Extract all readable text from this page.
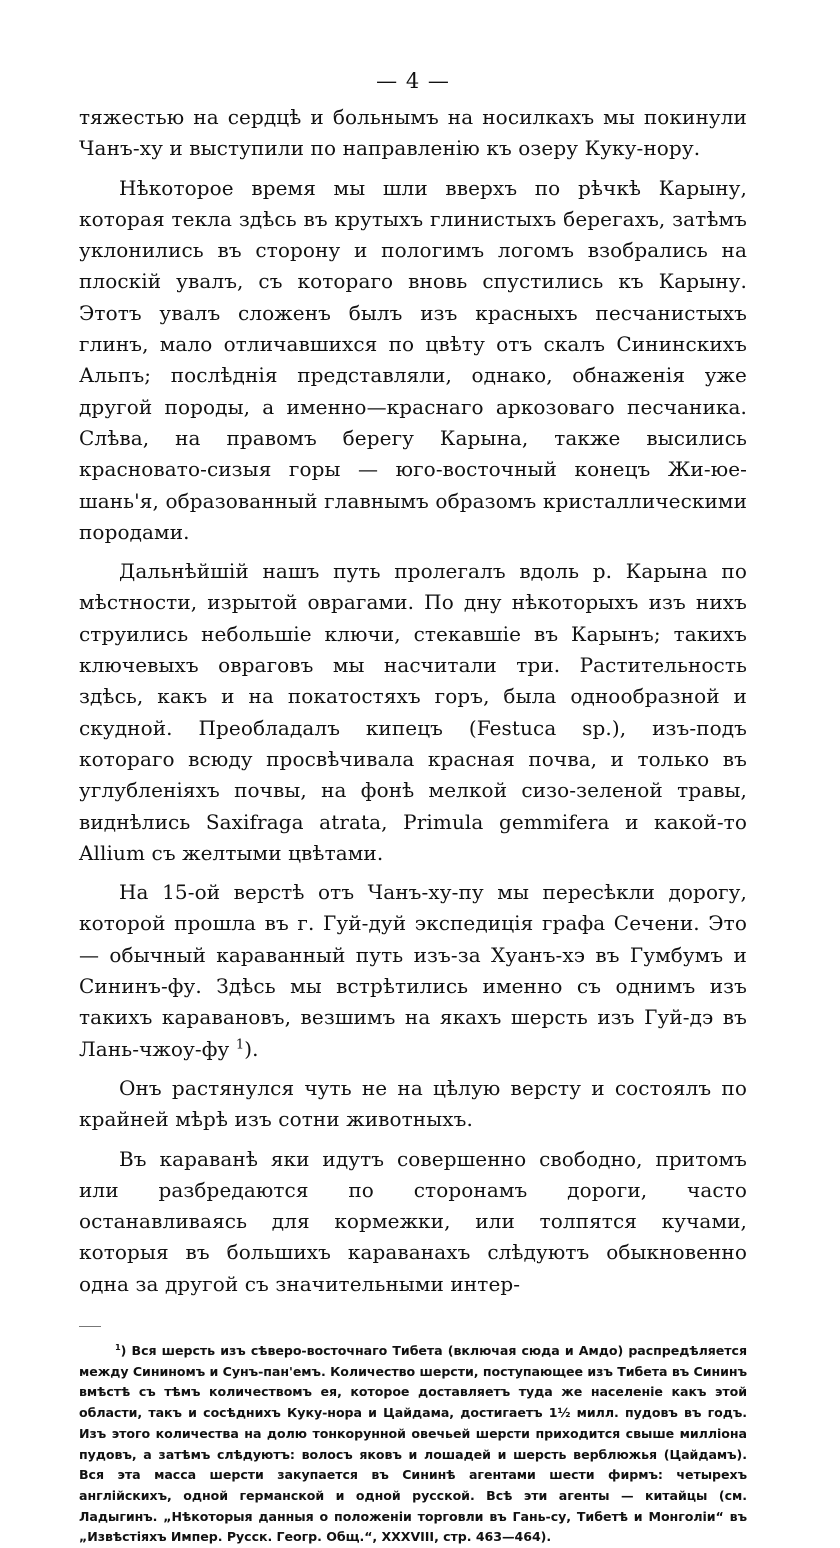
— 4 —

тяжестью на сердцѣ и больнымъ на носилкахъ мы покинули Чанъ-ху и выступили по направленію къ озеру Куку-нору.

Нѣкоторое время мы шли вверхъ по рѣчкѣ Карыну, которая текла здѣсь въ крутыхъ глинистыхъ берегахъ, затѣмъ уклонились въ сторону и пологимъ логомъ взобрались на плоскій увалъ, съ котораго вновь спустились къ Карыну. Этотъ увалъ сложенъ былъ изъ красныхъ песчанистыхъ глинъ, мало отличавшихся по цвѣту отъ скалъ Сининскихъ Альпъ; послѣднія представляли, однако, обнаженія уже другой породы, а именно—краснаго аркозоваго песчаника. Слѣва, на правомъ берегу Карына, также высились красновато-сизыя горы — юго-восточный конецъ Жи-юе-шань'я, образованный главнымъ образомъ кристаллическими породами.

Дальнѣйшій нашъ путь пролегалъ вдоль р. Карына по мѣстности, изрытой оврагами. По дну нѣкоторыхъ изъ нихъ струились небольшіе ключи, стекавшіе въ Карынъ; такихъ ключевыхъ овраговъ мы насчитали три. Растительность здѣсь, какъ и на покатостяхъ горъ, была однообразной и скудной. Преобладалъ кипецъ (Festuca sp.), изъ-подъ котораго всюду просвѣчивала красная почва, и только въ углубленіяхъ почвы, на фонѣ мелкой сизо-зеленой травы, виднѣлись Saxifraga atrata, Primula gemmifera и какой-то Allium съ желтыми цвѣтами.

На 15-ой верстѣ отъ Чанъ-ху-пу мы пересѣкли дорогу, которой прошла въ г. Гуй-дуй экспедиція графа Сечени. Это — обычный караванный путь изъ-за Хуанъ-хэ въ Гумбумъ и Сининъ-фу. Здѣсь мы встрѣтились именно съ однимъ изъ такихъ каравановъ, везшимъ на якахъ шерсть изъ Гуй-дэ въ Лань-чжоу-фу $^1$).

Онъ растянулся чуть не на цѣлую версту и состоялъ по крайней мѣрѣ изъ сотни животныхъ.

Въ караванѣ яки идутъ совершенно свободно, притомъ или разбредаются по сторонамъ дороги, часто останавливаясь для кормежки, или толпятся кучами, которыя въ большихъ караванахъ слѣдуютъ обыкновенно одна за другой съ значительными интер-

$^1$) Вся шерсть изъ сѣверо-восточнаго Тибета (включая сюда и Амдо) распредѣляется между Сининомъ и Сунъ-пан'емъ. Количество шерсти, поступающее изъ Тибета въ Сининъ вмѣстѣ съ тѣмъ количествомъ ея, которое доставляетъ туда же населеніе какъ этой области, такъ и сосѣднихъ Куку-нора и Цайдама, достигаетъ 1½ милл. пудовъ въ годъ. Изъ этого количества на долю тонкорунной овечьей шерсти приходится свыше милліона пудовъ, а затѣмъ слѣдуютъ: волосъ яковъ и лошадей и шерсть верблюжья (Цайдамъ). Вся эта масса шерсти закупается въ Сининѣ агентами шести фирмъ: четырехъ англійскихъ, одной германской и одной русской. Всѣ эти агенты — китайцы (см. Ладыгинъ. „Нѣкоторыя данныя о положеніи торговли въ Гань-су, Тибетѣ и Монголіи“ въ „Извѣстіяхъ Импер. Русск. Геогр. Общ.“, XXXVIII, стр. 463—464).
